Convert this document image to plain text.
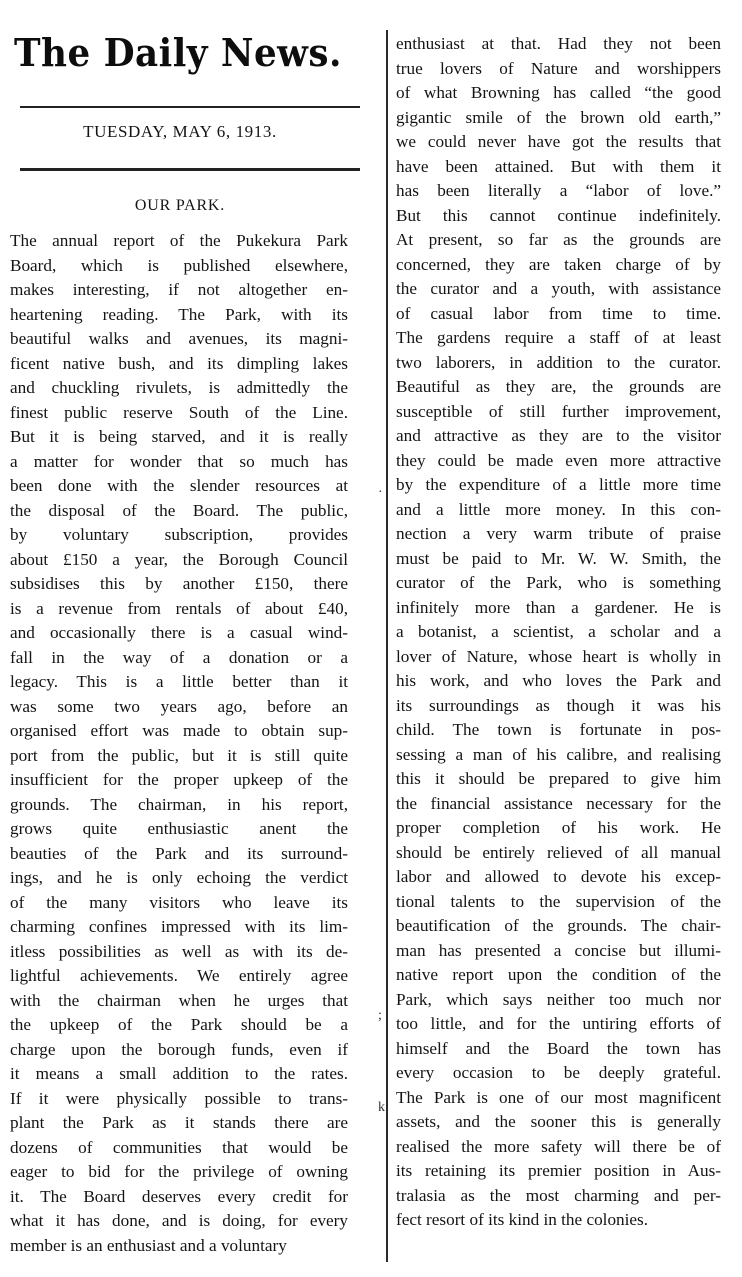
The Daily News.
TUESDAY, MAY 6, 1913.
OUR PARK.
The annual report of the Pukekura Park
Board, which is published elsewhere,
makes interesting, if not altogether en-
heartening reading. The Park, with its
beautiful walks and avenues, its magni-
ficent native bush, and its dimpling lakes
and chuckling rivulets, is admittedly the
finest public reserve South of the Line.
But it is being starved, and it is really
a matter for wonder that so much has
been done with the slender resources at
the disposal of the Board. The public,
by voluntary subscription, provides
about £150 a year, the Borough Council
subsidises this by another £150, there
is a revenue from rentals of about £40,
and occasionally there is a casual wind-
fall in the way of a donation or a
legacy. This is a little better than it
was some two years ago, before an
organised effort was made to obtain sup-
port from the public, but it is still quite
insufficient for the proper upkeep of the
grounds. The chairman, in his report,
grows quite enthusiastic anent the
beauties of the Park and its surround-
ings, and he is only echoing the verdict
of the many visitors who leave its
charming confines impressed with its lim-
itless possibilities as well as with its de-
lightful achievements. We entirely agree
with the chairman when he urges that
the upkeep of the Park should be a
charge upon the borough funds, even if
it means a small addition to the rates.
If it were physically possible to trans-
plant the Park as it stands there are
dozens of communities that would be
eager to bid for the privilege of owning
it. The Board deserves every credit for
what it has done, and is doing, for every
member is an enthusiast and a voluntary
enthusiast at that. Had they not been
true lovers of Nature and worshippers
of what Browning has called “the good
gigantic smile of the brown old earth,”
we could never have got the results that
have been attained. But with them it
has been literally a “labor of love.”
But this cannot continue indefinitely.
At present, so far as the grounds are
concerned, they are taken charge of by
the curator and a youth, with assistance
of casual labor from time to time.
The gardens require a staff of at least
two laborers, in addition to the curator.
Beautiful as they are, the grounds are
susceptible of still further improvement,
and attractive as they are to the visitor
they could be made even more attractive
by the expenditure of a little more time
and a little more money. In this con-
nection a very warm tribute of praise
must be paid to Mr. W. W. Smith, the
curator of the Park, who is something
infinitely more than a gardener. He is
a botanist, a scientist, a scholar and a
lover of Nature, whose heart is wholly in
his work, and who loves the Park and
its surroundings as though it was his
child. The town is fortunate in pos-
sessing a man of his calibre, and realising
this it should be prepared to give him
the financial assistance necessary for the
proper completion of his work. He
should be entirely relieved of all manual
labor and allowed to devote his excep-
tional talents to the supervision of the
beautification of the grounds. The chair-
man has presented a concise but illumi-
native report upon the condition of the
Park, which says neither too much nor
too little, and for the untiring efforts of
himself and the Board the town has
every occasion to be deeply grateful.
The Park is one of our most magnificent
assets, and the sooner this is generally
realised the more safety will there be of
its retaining its premier position in Aus-
tralasia as the most charming and per-
fect resort of its kind in the colonies.
·
;
k
